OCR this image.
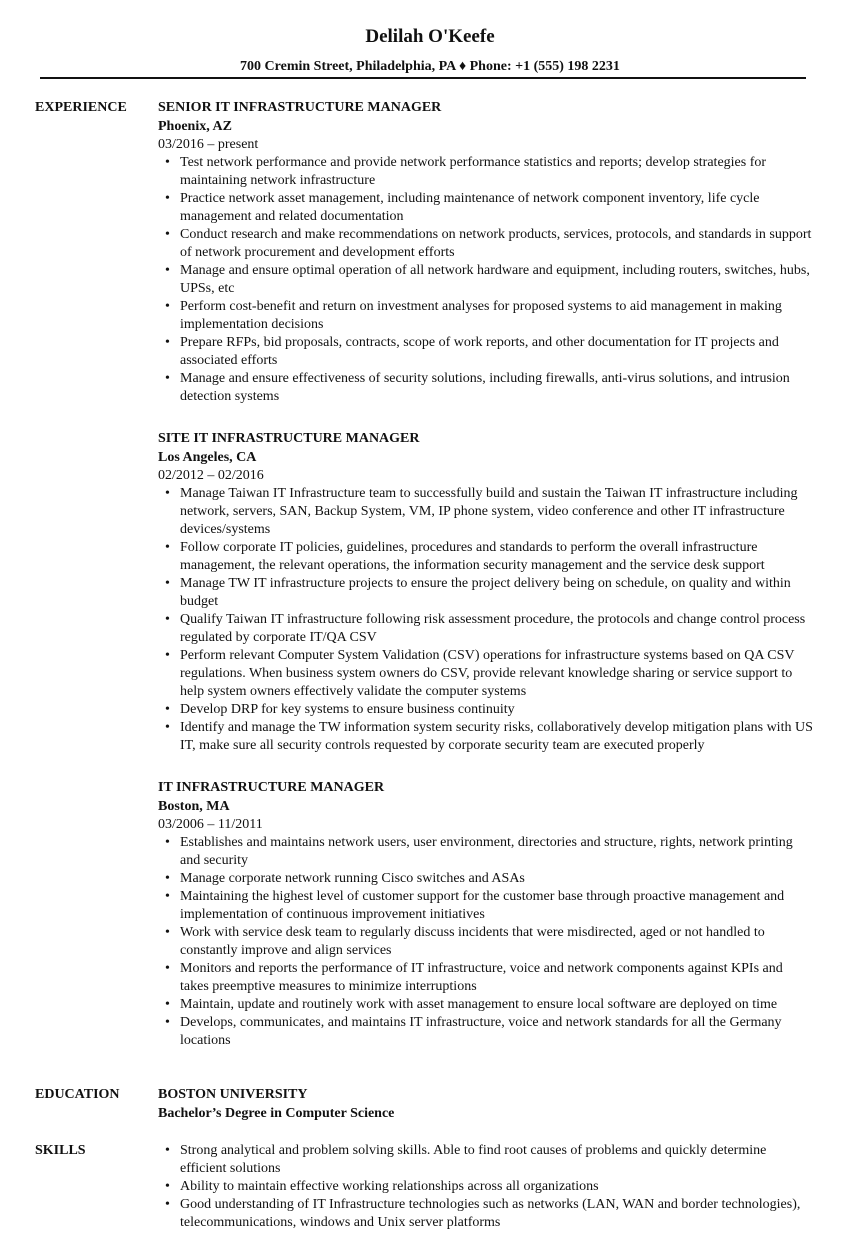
Delilah O'Keefe
700 Cremin Street, Philadelphia, PA ♦ Phone: +1 (555) 198 2231
EXPERIENCE SENIOR IT INFRASTRUCTURE MANAGER
Phoenix, AZ
03/2016 – present
• Test network performance and provide network performance statistics and reports; develop strategies for maintaining network infrastructure
• Practice network asset management, including maintenance of network component inventory, life cycle management and related documentation
• Conduct research and make recommendations on network products, services, protocols, and standards in support of network procurement and development efforts
• Manage and ensure optimal operation of all network hardware and equipment, including routers, switches, hubs, UPSs, etc
• Perform cost-benefit and return on investment analyses for proposed systems to aid management in making implementation decisions
• Prepare RFPs, bid proposals, contracts, scope of work reports, and other documentation for IT projects and associated efforts
• Manage and ensure effectiveness of security solutions, including firewalls, anti-virus solutions, and intrusion detection systems
SITE IT INFRASTRUCTURE MANAGER
Los Angeles, CA
02/2012 – 02/2016
• Manage Taiwan IT Infrastructure team to successfully build and sustain the Taiwan IT infrastructure including network, servers, SAN, Backup System, VM, IP phone system, video conference and other IT infrastructure devices/systems
• Follow corporate IT policies, guidelines, procedures and standards to perform the overall infrastructure management, the relevant operations, the information security management and the service desk support
• Manage TW IT infrastructure projects to ensure the project delivery being on schedule, on quality and within budget
• Qualify Taiwan IT infrastructure following risk assessment procedure, the protocols and change control process regulated by corporate IT/QA CSV
• Perform relevant Computer System Validation (CSV) operations for infrastructure systems based on QA CSV regulations. When business system owners do CSV, provide relevant knowledge sharing or service support to help system owners effectively validate the computer systems
• Develop DRP for key systems to ensure business continuity
• Identify and manage the TW information system security risks, collaboratively develop mitigation plans with US IT, make sure all security controls requested by corporate security team are executed properly
IT INFRASTRUCTURE MANAGER
Boston, MA
03/2006 – 11/2011
• Establishes and maintains network users, user environment, directories and structure, rights, network printing and security
• Manage corporate network running Cisco switches and ASAs
• Maintaining the highest level of customer support for the customer base through proactive management and implementation of continuous improvement initiatives
• Work with service desk team to regularly discuss incidents that were misdirected, aged or not handled to constantly improve and align services
• Monitors and reports the performance of IT infrastructure, voice and network components against KPIs and takes preemptive measures to minimize interruptions
• Maintain, update and routinely work with asset management to ensure local software are deployed on time
• Develops, communicates, and maintains IT infrastructure, voice and network standards for all the Germany locations
EDUCATION	BOSTON UNIVERSITY
Bachelor’s Degree in Computer Science
SKILLS	• Strong analytical and problem solving skills. Able to find root causes of problems and quickly determine efficient solutions
• Ability to maintain effective working relationships across all organizations
• Good understanding of IT Infrastructure technologies such as networks (LAN, WAN and border technologies), telecommunications, windows and Unix server platforms
